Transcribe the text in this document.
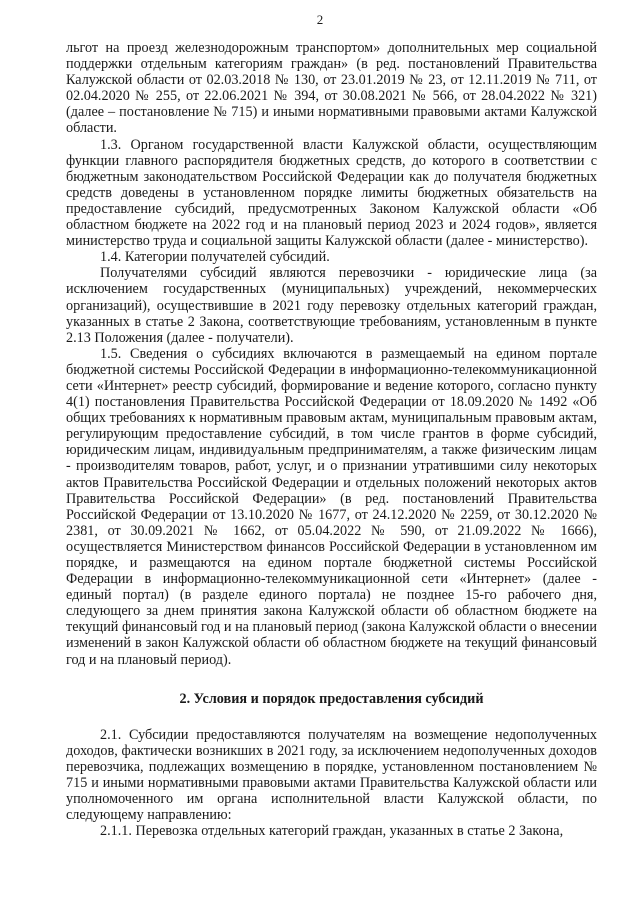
2

льгот на проезд железнодорожным транспортом» дополнительных мер социальной поддержки отдельным категориям граждан» (в ред. постановлений Правительства Калужской области от 02.03.2018 № 130, от 23.01.2019 № 23, от 12.11.2019 № 711, от 02.04.2020 № 255, от 22.06.2021 № 394, от 30.08.2021 № 566, от 28.04.2022 № 321) (далее – постановление № 715) и иными нормативными правовыми актами Калужской области.

1.3. Органом государственной власти Калужской области, осуществляющим функции главного распорядителя бюджетных средств, до которого в соответствии с бюджетным законодательством Российской Федерации как до получателя бюджетных средств доведены в установленном порядке лимиты бюджетных обязательств на предоставление субсидий, предусмотренных Законом Калужской области «Об областном бюджете на 2022 год и на плановый период 2023 и 2024 годов», является министерство труда и социальной защиты Калужской области (далее - министерство).

1.4. Категории получателей субсидий.

Получателями субсидий являются перевозчики - юридические лица (за исключением государственных (муниципальных) учреждений, некоммерческих организаций), осуществившие в 2021 году перевозку отдельных категорий граждан, указанных в статье 2 Закона, соответствующие требованиям, установленным в пункте 2.13 Положения (далее - получатели).

1.5. Сведения о субсидиях включаются в размещаемый на едином портале бюджетной системы Российской Федерации в информационно-телекоммуникационной сети «Интернет» реестр субсидий, формирование и ведение которого, согласно пункту 4(1) постановления Правительства Российской Федерации от 18.09.2020 № 1492 «Об общих требованиях к нормативным правовым актам, муниципальным правовым актам, регулирующим предоставление субсидий, в том числе грантов в форме субсидий, юридическим лицам, индивидуальным предпринимателям, а также физическим лицам - производителям товаров, работ, услуг, и о признании утратившими силу некоторых актов Правительства Российской Федерации и отдельных положений некоторых актов Правительства Российской Федерации» (в ред. постановлений Правительства Российской Федерации от 13.10.2020 № 1677, от 24.12.2020 № 2259, от 30.12.2020 № 2381, от 30.09.2021 № 1662, от 05.04.2022 № 590, от 21.09.2022 № 1666), осуществляется Министерством финансов Российской Федерации в установленном им порядке, и размещаются на едином портале бюджетной системы Российской Федерации в информационно-телекоммуникационной сети «Интернет» (далее - единый портал) (в разделе единого портала) не позднее 15-го рабочего дня, следующего за днем принятия закона Калужской области об областном бюджете на текущий финансовый год и на плановый период (закона Калужской области о внесении изменений в закон Калужской области об областном бюджете на текущий финансовый год и на плановый период).

2. Условия и порядок предоставления субсидий

2.1. Субсидии предоставляются получателям на возмещение недополученных доходов, фактически возникших в 2021 году, за исключением недополученных доходов перевозчика, подлежащих возмещению в порядке, установленном постановлением № 715 и иными нормативными правовыми актами Правительства Калужской области или уполномоченного им органа исполнительной власти Калужской области, по следующему направлению:

2.1.1. Перевозка отдельных категорий граждан, указанных в статье 2 Закона,
